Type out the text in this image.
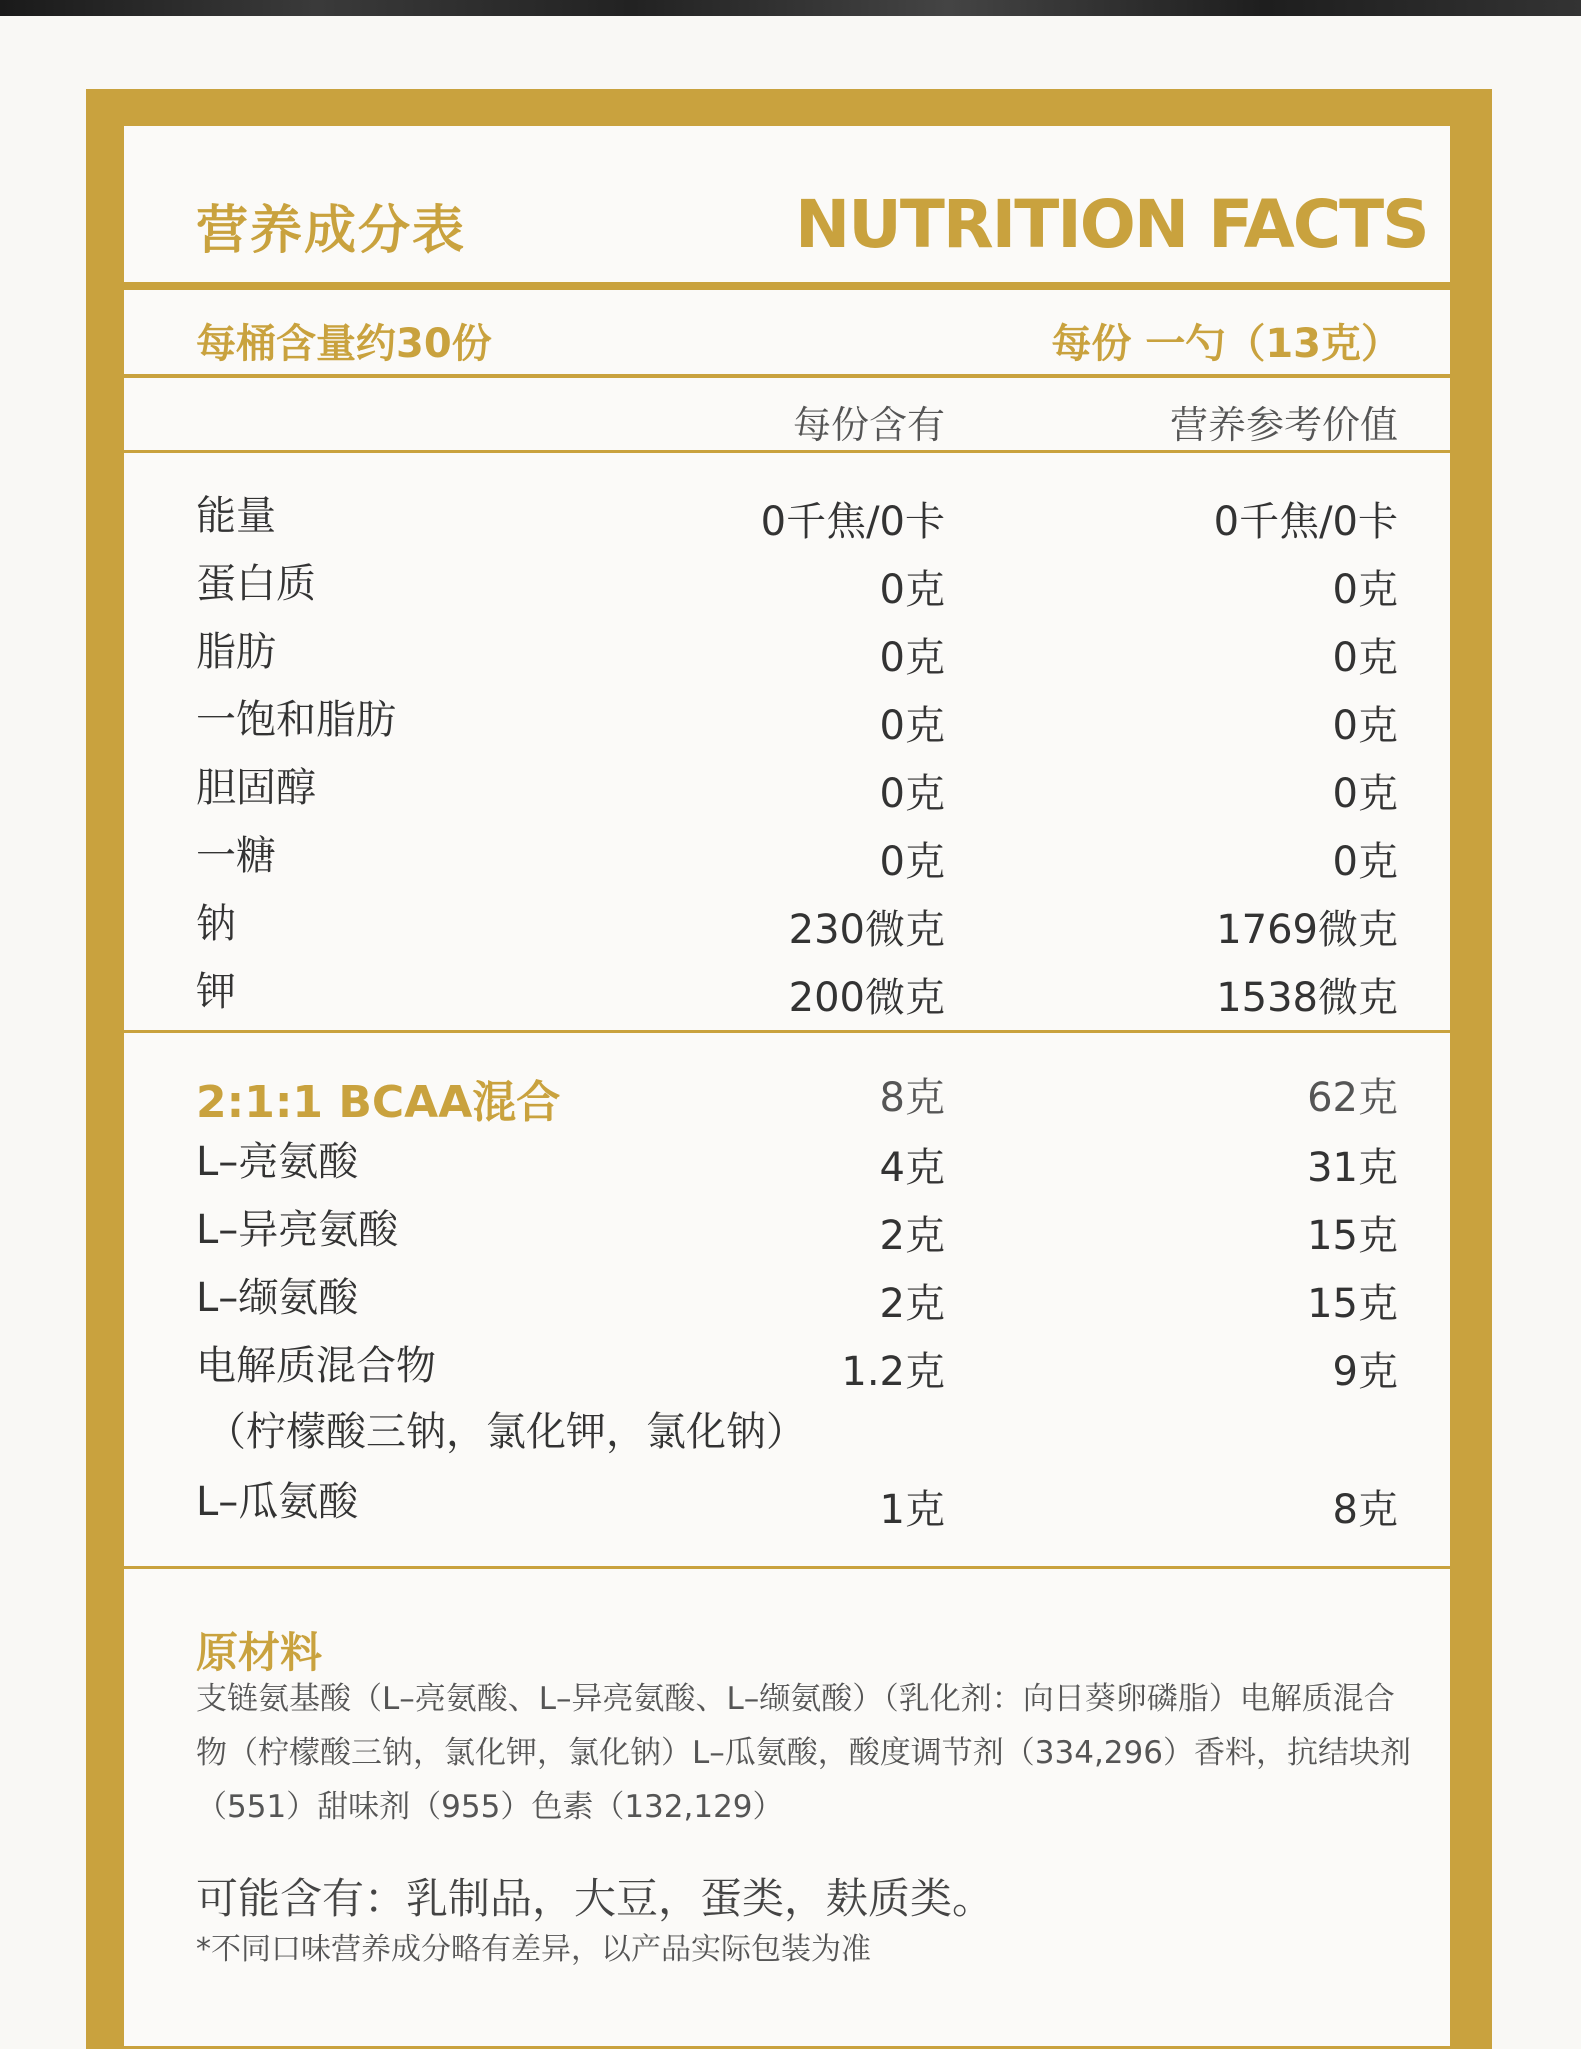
营养成分表	NUTRITION FACTS
每桶含量约30份	每份 一勺（13克）
每份含有	营养参考价值
能量	0千焦/0卡	0千焦/0卡
蛋白质	0克	0克
脂肪	0克	0克
一饱和脂肪	0克	0克
胆固醇	0克	0克
一糖	0克	0克
钠	230微克	1769微克
钾	200微克	1538微克
2:1:1 BCAA混合	8克	62克
L–亮氨酸	4克	31克
L–异亮氨酸	2克	15克
L–缬氨酸	2克	15克
电解质混合物	1.2克	9克
（柠檬酸三钠，氯化钾，氯化钠）
L–瓜氨酸	1克	8克
原材料
支链氨基酸（L–亮氨酸、L–异亮氨酸、L–缬氨酸）（乳化剂：向日葵卵磷脂）电解质混合物（柠檬酸三钠，氯化钾，氯化钠）L–瓜氨酸，酸度调节剂（334,296）香料，抗结块剂（551）甜味剂（955）色素（132,129）
可能含有：乳制品，大豆，蛋类，麸质类。
*不同口味营养成分略有差异，以产品实际包装为准
